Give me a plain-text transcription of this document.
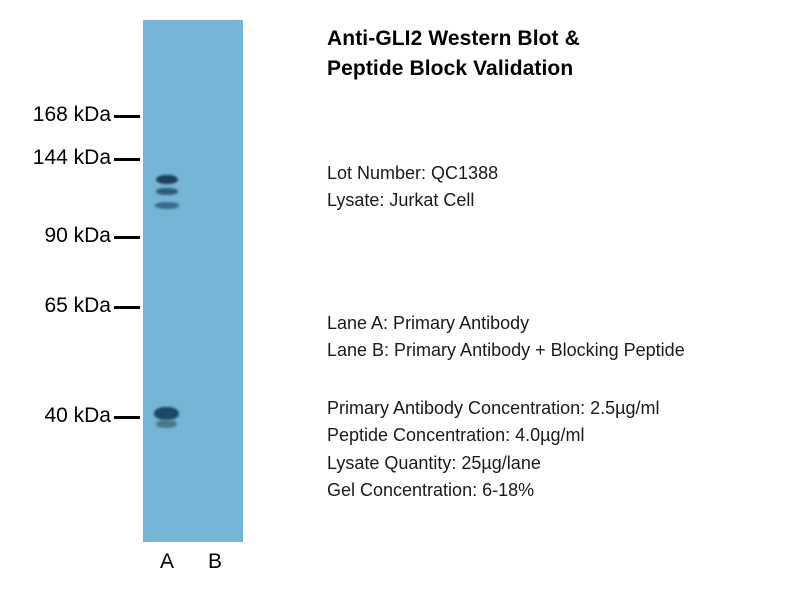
168 kDa
144 kDa
90 kDa
65 kDa
40 kDa
A	B
Anti-GLI2 Western Blot &
Peptide Block Validation
Lot Number: QC1388
Lysate: Jurkat Cell
Lane A: Primary Antibody
Lane B: Primary Antibody + Blocking Peptide
Primary Antibody Concentration: 2.5µg/ml
Peptide Concentration: 4.0µg/ml
Lysate Quantity: 25µg/lane
Gel Concentration: 6-18%
